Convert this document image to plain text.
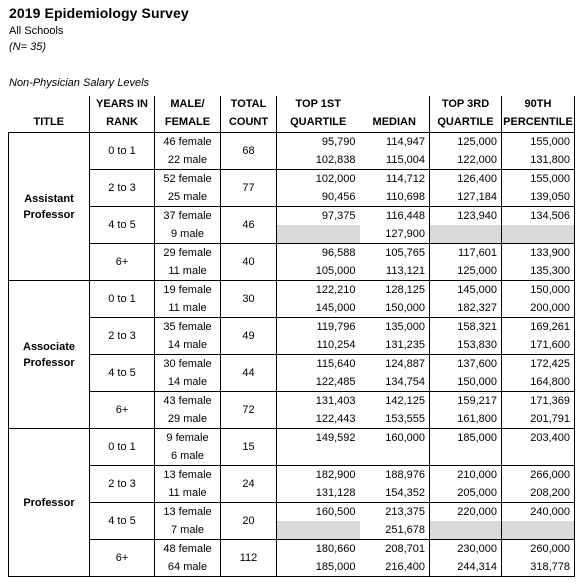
2019 Epidemiology Survey
All Schools
(N= 35)
Non-Physician Salary Levels
	YEARS IN	MALE/	TOTAL	TOP 1ST		TOP 3RD	90TH
TITLE	RANK	FEMALE	COUNT	QUARTILE	MEDIAN	QUARTILE	PERCENTILE

Assistant
Professor	0 to 1	46 female	68	95,790	114,947	125,000	155,000
		22 male		102,838	115,004	122,000	131,800
	2 to 3	52 female	77	102,000	114,712	126,400	155,000
		25 male		90,456	110,698	127,184	139,050
	4 to 5	37 female	46	97,375	116,448	123,940	134,506
		9 male			127,900		
	6+	29 female	40	96,588	105,765	117,601	133,900
		11 male		105,000	113,121	125,000	135,300

Associate
Professor	0 to 1	19 female	30	122,210	128,125	145,000	150,000
		11 male		145,000	150,000	182,327	200,000
	2 to 3	35 female	49	119,796	135,000	158,321	169,261
		14 male		110,254	131,235	153,830	171,600
	4 to 5	30 female	44	115,640	124,887	137,600	172,425
		14 male		122,485	134,754	150,000	164,800
	6+	43 female	72	131,403	142,125	159,217	171,369
		29 male		122,443	153,555	161,800	201,791

Professor	0 to 1	9 female	15	149,592	160,000	185,000	203,400
		6 male					
	2 to 3	13 female	24	182,900	188,976	210,000	266,000
		11 male		131,128	154,352	205,000	208,200
	4 to 5	13 female	20	160,500	213,375	220,000	240,000
		7 male			251,678		
	6+	48 female	112	180,660	208,701	230,000	260,000
		64 male		185,000	216,400	244,314	318,778
